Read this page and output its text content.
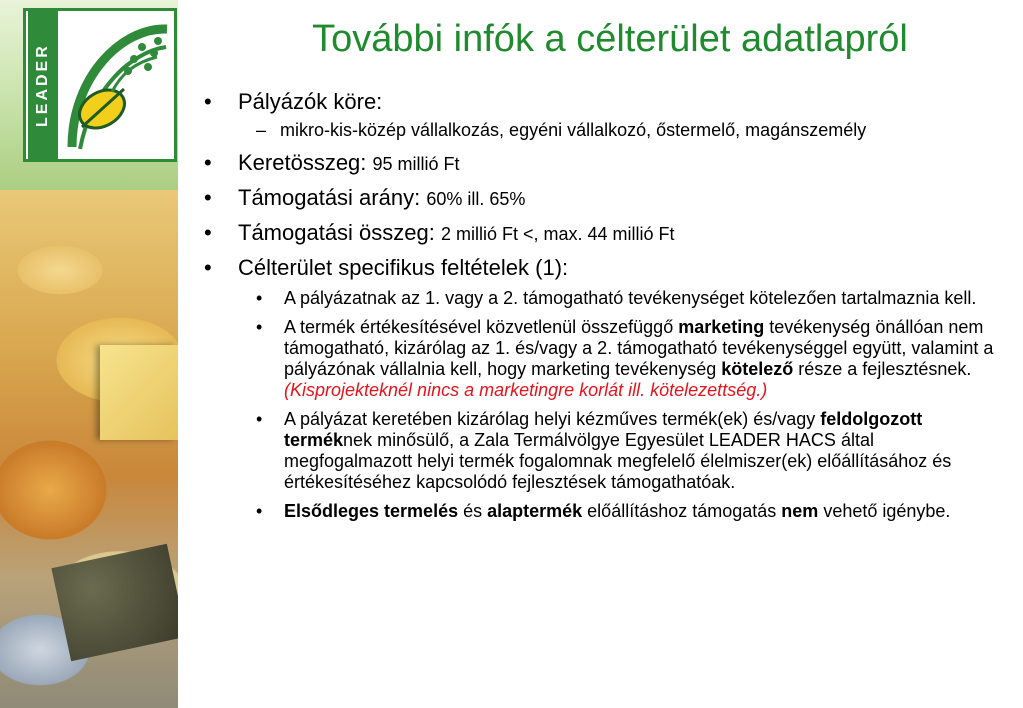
LEADER
További infók a célterület adatlapról
• Pályázók köre:
– mikro-kis-közép vállalkozás, egyéni vállalkozó, őstermelő, magánszemély
• Keretösszeg: 95 millió Ft
• Támogatási arány: 60% ill. 65%
• Támogatási összeg: 2 millió Ft <, max. 44 millió Ft
• Célterület specifikus feltételek (1):
• A pályázatnak az 1. vagy a 2. támogatható tevékenységet kötelezően tartalmaznia kell.
• A termék értékesítésével közvetlenül összefüggő marketing tevékenység önállóan nem támogatható, kizárólag az 1. és/vagy a 2. támogatható tevékenységgel együtt, valamint a pályázónak vállalnia kell, hogy marketing tevékenység kötelező része a fejlesztésnek. (Kisprojekteknél nincs a marketingre korlát ill. kötelezettség.)
• A pályázat keretében kizárólag helyi kézműves termék(ek) és/vagy feldolgozott terméknek minősülő, a Zala Termálvölgye Egyesület LEADER HACS által megfogalmazott helyi termék fogalomnak megfelelő élelmiszer(ek) előállításához és értékesítéséhez kapcsolódó fejlesztések támogathatóak.
• Elsődleges termelés és alaptermék előállításhoz támogatás nem vehető igénybe.
